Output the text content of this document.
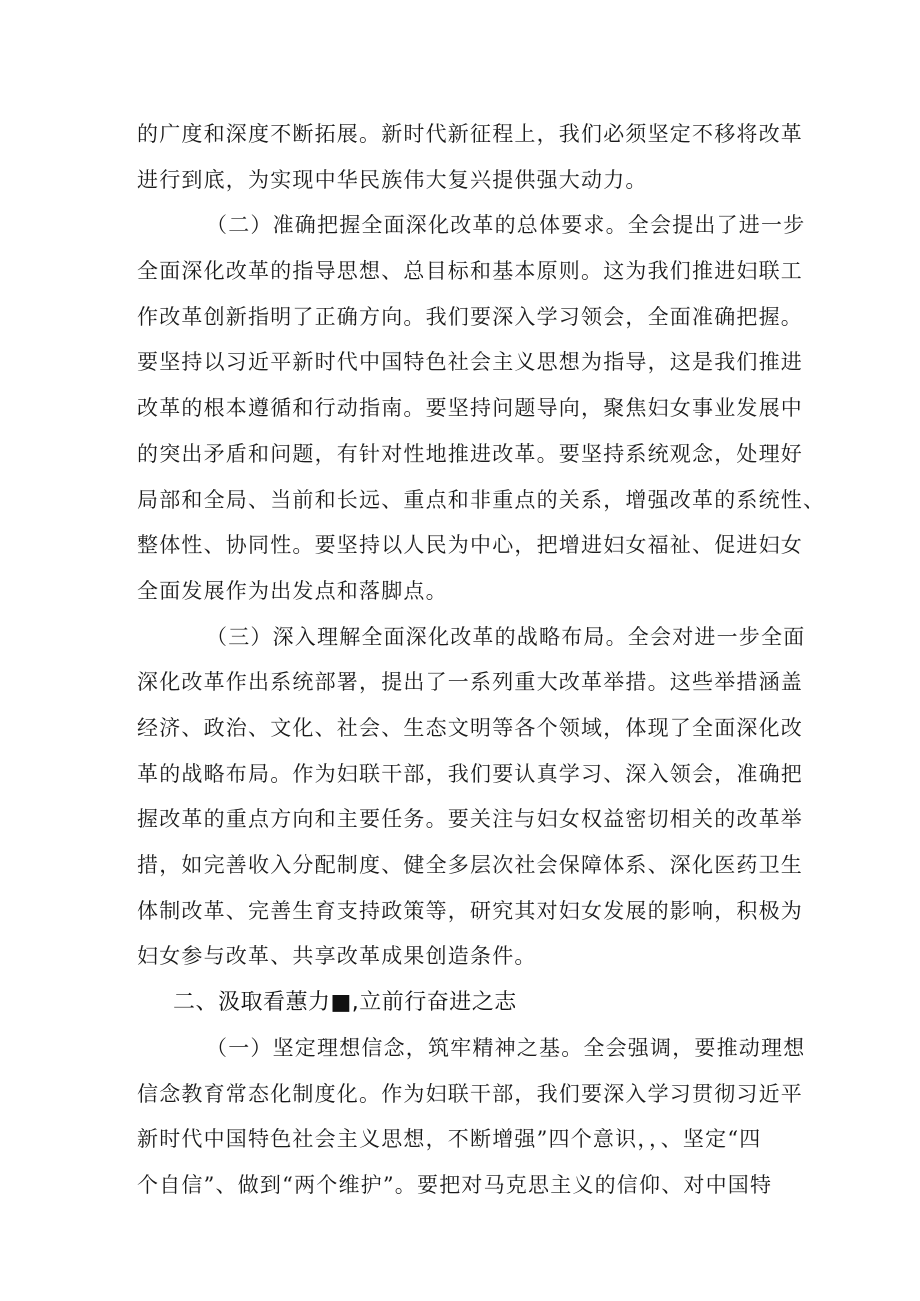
的广度和深度不断拓展。新时代新征程上，我们必须坚定不移将改革
进行到底，为实现中华民族伟大复兴提供强大动力。
（二）准确把握全面深化改革的总体要求。全会提出了进一步
全面深化改革的指导思想、总目标和基本原则。这为我们推进妇联工
作改革创新指明了正确方向。我们要深入学习领会，全面准确把握。
要坚持以习近平新时代中国特色社会主义思想为指导，这是我们推进
改革的根本遵循和行动指南。要坚持问题导向，聚焦妇女事业发展中
的突出矛盾和问题，有针对性地推进改革。要坚持系统观念，处理好
局部和全局、当前和长远、重点和非重点的关系，增强改革的系统性、
整体性、协同性。要坚持以人民为中心，把增进妇女福祉、促进妇女
全面发展作为出发点和落脚点。
（三）深入理解全面深化改革的战略布局。全会对进一步全面
深化改革作出系统部署，提出了一系列重大改革举措。这些举措涵盖
经济、政治、文化、社会、生态文明等各个领域，体现了全面深化改
革的战略布局。作为妇联干部，我们要认真学习、深入领会，准确把
握改革的重点方向和主要任务。要关注与妇女权益密切相关的改革举
措，如完善收入分配制度、健全多层次社会保障体系、深化医药卫生
体制改革、完善生育支持政策等，研究其对妇女发展的影响，积极为
妇女参与改革、共享改革成果创造条件。
二、汲取看蕙力■,立前行奋进之志
（一）坚定理想信念，筑牢精神之基。全会强调，要推动理想
信念教育常态化制度化。作为妇联干部，我们要深入学习贯彻习近平
新时代中国特色社会主义思想，不断增强”四个意识，，、坚定“四
个自信”、做到“两个维护”。要把对马克思主义的信仰、对中国特
